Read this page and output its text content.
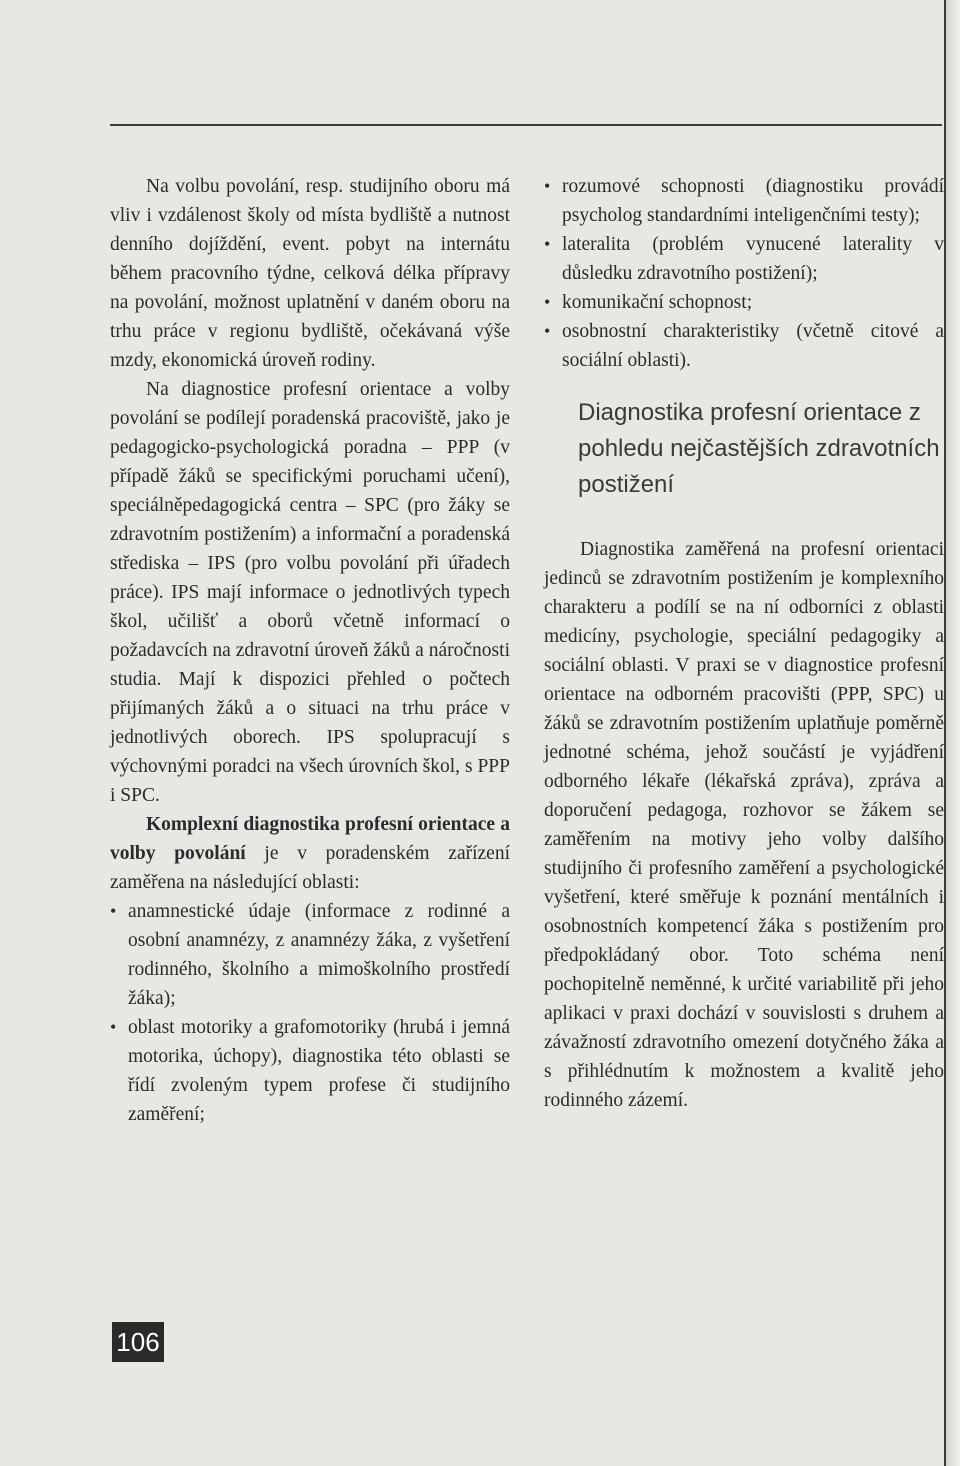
Na volbu povolání, resp. studijního oboru má vliv i vzdálenost školy od místa bydliště a nutnost denního dojíždění, event. pobyt na internátu během pracovního týdne, celková délka přípravy na povolání, možnost uplatnění v daném oboru na trhu práce v regionu bydliště, očekávaná výše mzdy, ekonomická úroveň rodiny.

Na diagnostice profesní orientace a volby povolání se podílejí poradenská pracoviště, jako je pedagogicko-psychologická poradna – PPP (v případě žáků se specifickými poruchami učení), speciálněpedagogická centra – SPC (pro žáky se zdravotním postižením) a informační a poradenská střediska – IPS (pro volbu povolání při úřadech práce). IPS mají informace o jednotlivých typech škol, učilišť a oborů včetně informací o požadavcích na zdravotní úroveň žáků a náročnosti studia. Mají k dispozici přehled o počtech přijímaných žáků a o situaci na trhu práce v jednotlivých oborech. IPS spolupracují s výchovnými poradci na všech úrovních škol, s PPP i SPC.

Komplexní diagnostika profesní orientace a volby povolání je v poradenském zařízení zaměřena na následující oblasti:

• anamnestické údaje (informace z rodinné a osobní anamnézy, z anamnézy žáka, z vyšetření rodinného, školního a mimoškolního prostředí žáka);
• oblast motoriky a grafomotoriky (hrubá i jemná motorika, úchopy), diagnostika této oblasti se řídí zvoleným typem profese či studijního zaměření;
• rozumové schopnosti (diagnostiku provádí psycholog standardními inteligenčními testy);
• lateralita (problém vynucené laterality v důsledku zdravotního postižení);
• komunikační schopnost;
• osobnostní charakteristiky (včetně citové a sociální oblasti).
Diagnostika profesní orientace z pohledu nejčastějších zdravotních postižení

Diagnostika zaměřená na profesní orientaci jedinců se zdravotním postižením je komplexního charakteru a podílí se na ní odborníci z oblasti medicíny, psychologie, speciální pedagogiky a sociální oblasti. V praxi se v diagnostice profesní orientace na odborném pracovišti (PPP, SPC) u žáků se zdravotním postižením uplatňuje poměrně jednotné schéma, jehož součástí je vyjádření odborného lékaře (lékařská zpráva), zpráva a doporučení pedagoga, rozhovor se žákem se zaměřením na motivy jeho volby dalšího studijního či profesního zaměření a psychologické vyšetření, které směřuje k poznání mentálních i osobnostních kompetencí žáka s postižením pro předpokládaný obor. Toto schéma není pochopitelně neměnné, k určité variabilitě při jeho aplikaci v praxi dochází v souvislosti s druhem a závažností zdravotního omezení dotyčného žáka a s přihlédnutím k možnostem a kvalitě jeho rodinného zázemí.

106
